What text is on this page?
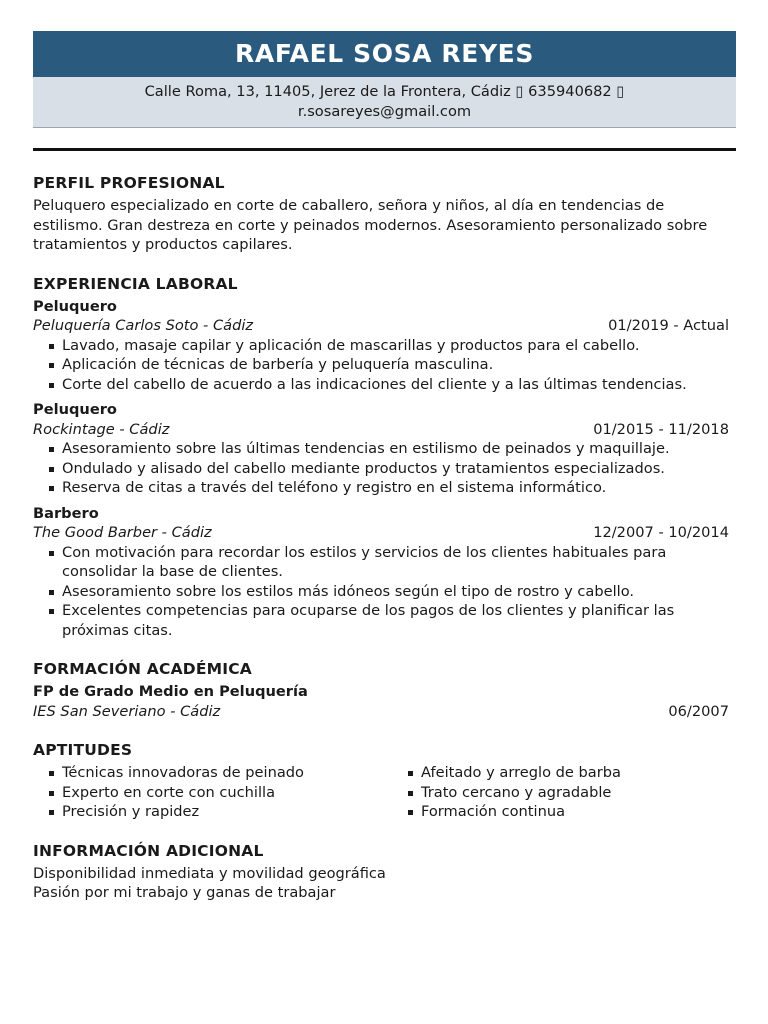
RAFAEL SOSA REYES
Calle Roma, 13, 11405, Jerez de la Frontera, Cádiz ▯ 635940682 ▯
r.sosareyes@gmail.com
PERFIL PROFESIONAL
Peluquero especializado en corte de caballero, señora y niños, al día en tendencias de estilismo. Gran destreza en corte y peinados modernos. Asesoramiento personalizado sobre tratamientos y productos capilares.
EXPERIENCIA LABORAL
Peluquero
Peluquería Carlos Soto - Cádiz	01/2019 - Actual
Lavado, masaje capilar y aplicación de mascarillas y productos para el cabello.
Aplicación de técnicas de barbería y peluquería masculina.
Corte del cabello de acuerdo a las indicaciones del cliente y a las últimas tendencias.
Peluquero
Rockintage - Cádiz	01/2015 - 11/2018
Asesoramiento sobre las últimas tendencias en estilismo de peinados y maquillaje.
Ondulado y alisado del cabello mediante productos y tratamientos especializados.
Reserva de citas a través del teléfono y registro en el sistema informático.
Barbero
The Good Barber - Cádiz	12/2007 - 10/2014
Con motivación para recordar los estilos y servicios de los clientes habituales para consolidar la base de clientes.
Asesoramiento sobre los estilos más idóneos según el tipo de rostro y cabello.
Excelentes competencias para ocuparse de los pagos de los clientes y planificar las próximas citas.
FORMACIÓN ACADÉMICA
FP de Grado Medio en Peluquería
IES San Severiano - Cádiz	06/2007
APTITUDES
Técnicas innovadoras de peinado
Experto en corte con cuchilla
Precisión y rapidez
Afeitado y arreglo de barba
Trato cercano y agradable
Formación continua
INFORMACIÓN ADICIONAL
Disponibilidad inmediata y movilidad geográfica
Pasión por mi trabajo y ganas de trabajar
